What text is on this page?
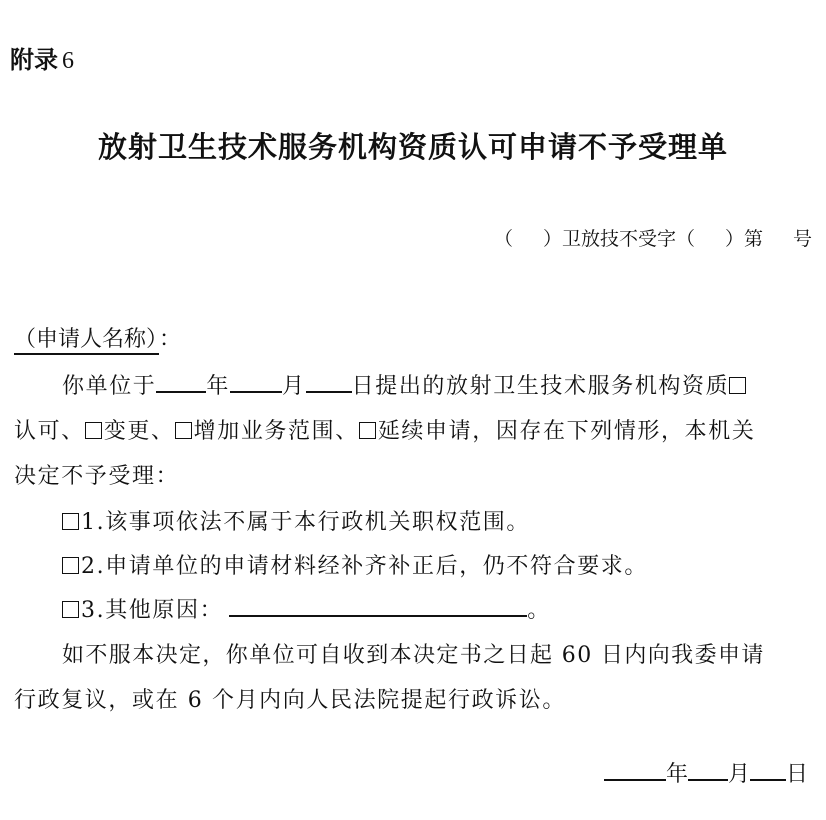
附录 6
放射卫生技术服务机构资质认可申请不予受理单
（ ）卫放技不受字（ ）第 号
（申请人名称）：
你单位于 年 月 日提出的放射卫生技术服务机构资质
认可、 变更、 增加业务范围、 延续申请，因存在下列情形，本机关
决定不予受理：
1.该事项依法不属于本行政机关职权范围。
2.申请单位的申请材料经补齐补正后，仍不符合要求。
3.其他原因：	。
如不服本决定，你单位可自收到本决定书之日起 60 日内向我委申请
行政复议，或在 6 个月内向人民法院提起行政诉讼。
年 月 日
